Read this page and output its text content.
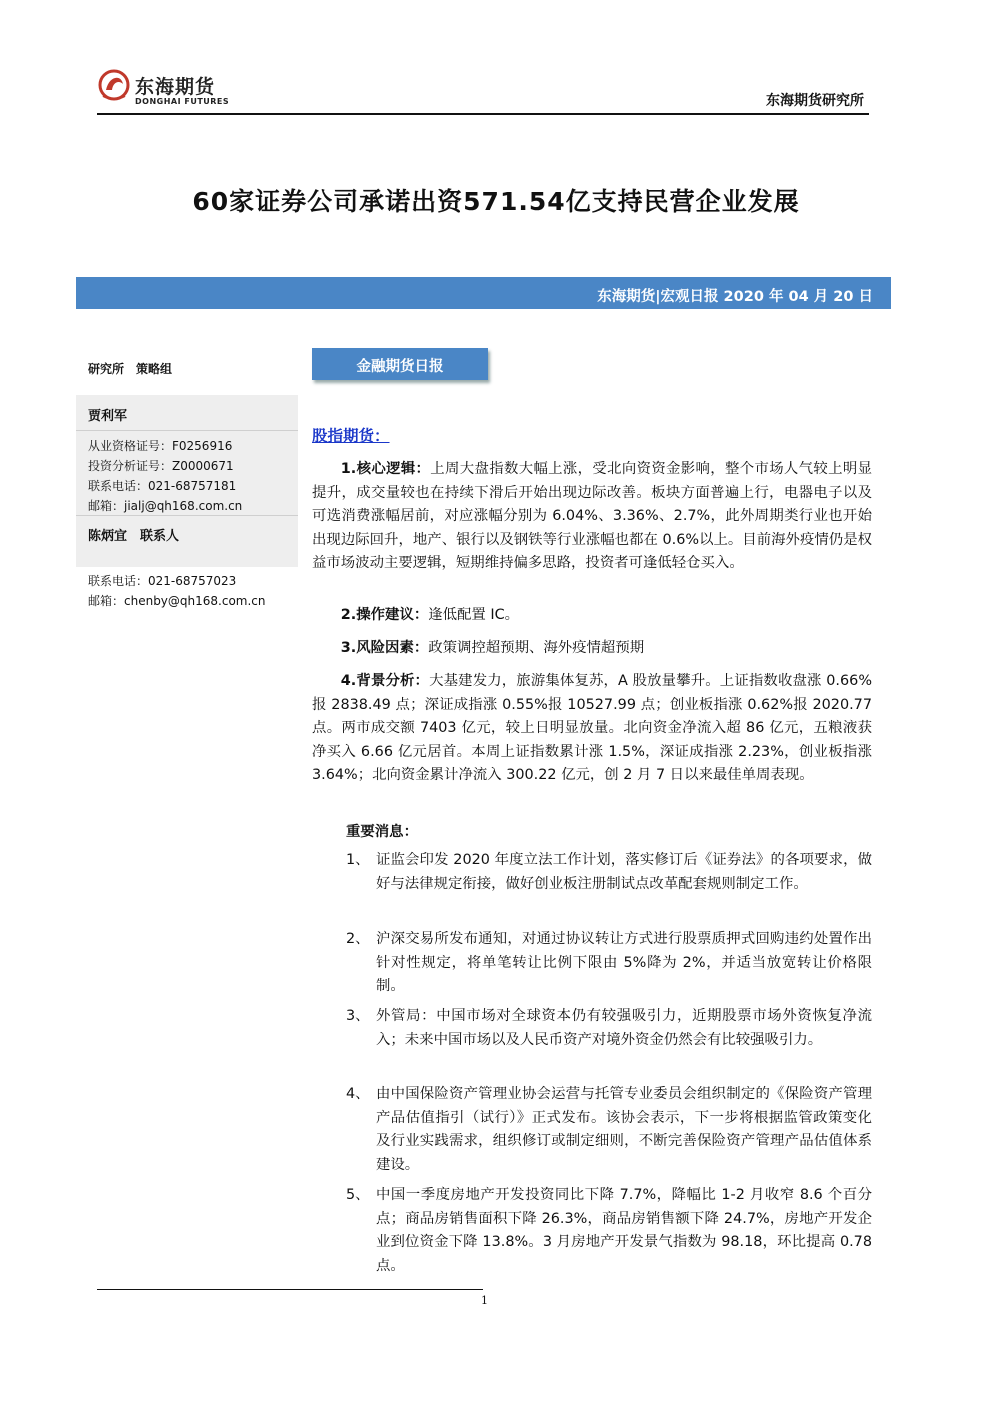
东海期货
DONGHAI FUTURES	东海期货研究所
60家证券公司承诺出资571.54亿支持民营企业发展
东海期货|宏观日报 2020 年 04 月 20 日
研究所　策略组
贾利军
从业资格证号：F0256916
投资分析证号：Z0000671
联系电话：021-68757181
邮箱：jialj@qh168.com.cn
陈炳宜　联系人
联系电话：021-68757023
邮箱：chenby@qh168.com.cn
金融期货日报
股指期货：
1.核心逻辑：上周大盘指数大幅上涨，受北向资资金影响，整个市场人气较上明显提升，成交量较也在持续下滑后开始出现边际改善。板块方面普遍上行，电器电子以及可选消费涨幅居前，对应涨幅分别为 6.04%、3.36%、2.7%，此外周期类行业也开始出现边际回升，地产、银行以及钢铁等行业涨幅也都在 0.6%以上。目前海外疫情仍是权益市场波动主要逻辑，短期维持偏多思路，投资者可逢低轻仓买入。
2.操作建议：逢低配置 IC。
3.风险因素：政策调控超预期、海外疫情超预期
4.背景分析：大基建发力，旅游集体复苏，A 股放量攀升。上证指数收盘涨 0.66%报 2838.49 点；深证成指涨 0.55%报 10527.99 点；创业板指涨 0.62%报 2020.77 点。两市成交额 7403 亿元，较上日明显放量。北向资金净流入超 86 亿元，五粮液获净买入 6.66 亿元居首。本周上证指数累计涨 1.5%，深证成指涨 2.23%，创业板指涨 3.64%；北向资金累计净流入 300.22 亿元，创 2 月 7 日以来最佳单周表现。
重要消息：
1、 证监会印发 2020 年度立法工作计划，落实修订后《证券法》的各项要求，做好与法律规定衔接，做好创业板注册制试点改革配套规则制定工作。
2、 沪深交易所发布通知，对通过协议转让方式进行股票质押式回购违约处置作出针对性规定，将单笔转让比例下限由 5%降为 2%，并适当放宽转让价格限制。
3、 外管局：中国市场对全球资本仍有较强吸引力，近期股票市场外资恢复净流入；未来中国市场以及人民币资产对境外资金仍然会有比较强吸引力。
4、 由中国保险资产管理业协会运营与托管专业委员会组织制定的《保险资产管理产品估值指引（试行）》正式发布。该协会表示，下一步将根据监管政策变化及行业实践需求，组织修订或制定细则，不断完善保险资产管理产品估值体系建设。
5、 中国一季度房地产开发投资同比下降 7.7%，降幅比 1-2 月收窄 8.6 个百分点；商品房销售面积下降 26.3%，商品房销售额下降 24.7%，房地产开发企业到位资金下降 13.8%。3 月房地产开发景气指数为 98.18，环比提高 0.78 点。
1
